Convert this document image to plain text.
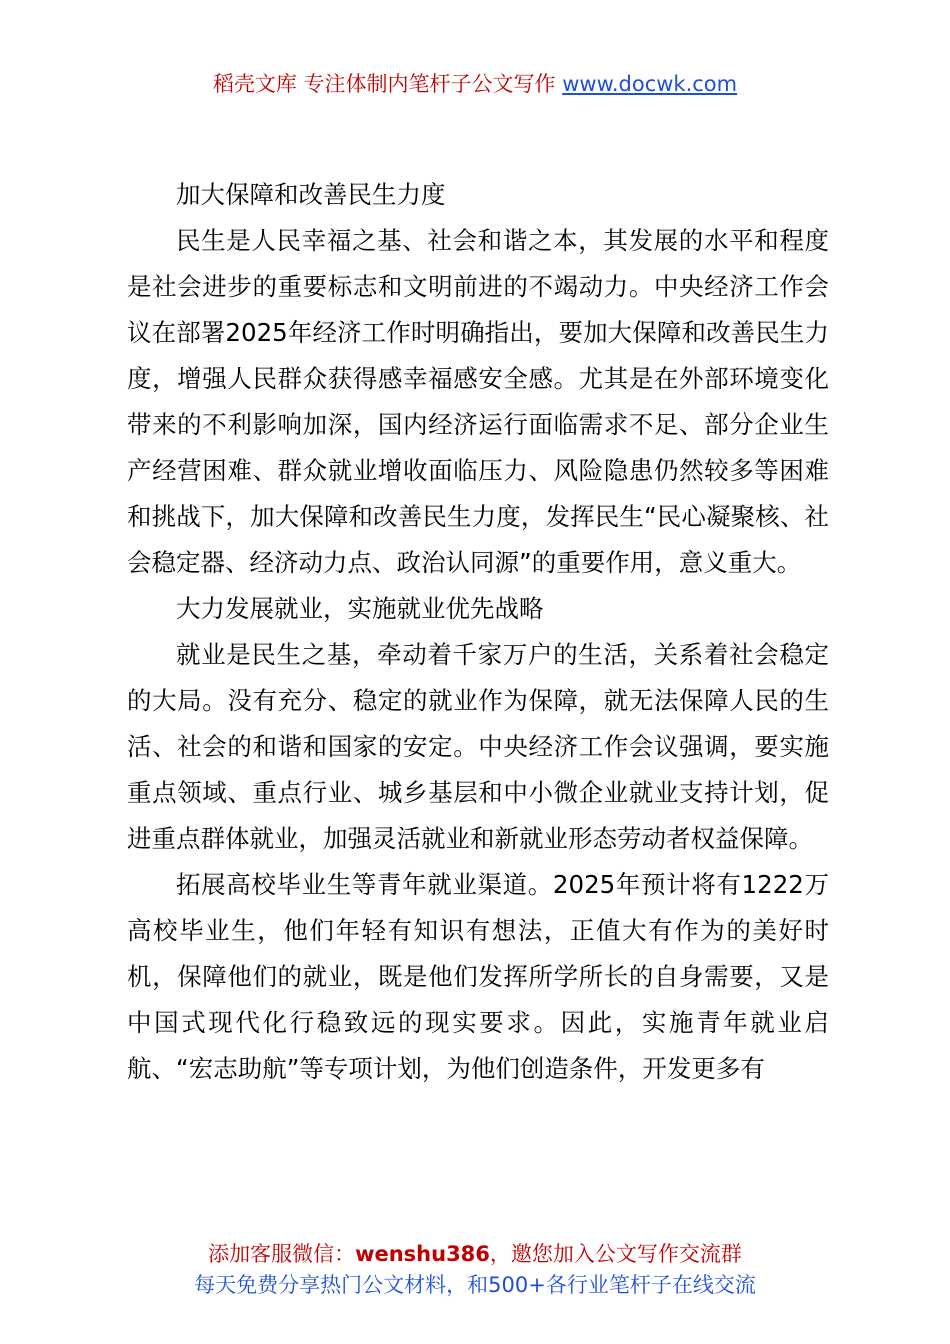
稻壳文库 专注体制内笔杆子公文写作 www.docwk.com

加大保障和改善民生力度

民生是人民幸福之基、社会和谐之本，其发展的水平和程度是社会进步的重要标志和文明前进的不竭动力。中央经济工作会议在部署2025年经济工作时明确指出，要加大保障和改善民生力度，增强人民群众获得感幸福感安全感。尤其是在外部环境变化带来的不利影响加深，国内经济运行面临需求不足、部分企业生产经营困难、群众就业增收面临压力、风险隐患仍然较多等困难和挑战下，加大保障和改善民生力度，发挥民生“民心凝聚核、社会稳定器、经济动力点、政治认同源”的重要作用，意义重大。

大力发展就业，实施就业优先战略

就业是民生之基，牵动着千家万户的生活，关系着社会稳定的大局。没有充分、稳定的就业作为保障，就无法保障人民的生活、社会的和谐和国家的安定。中央经济工作会议强调，要实施重点领域、重点行业、城乡基层和中小微企业就业支持计划，促进重点群体就业，加强灵活就业和新就业形态劳动者权益保障。

拓展高校毕业生等青年就业渠道。2025年预计将有1222万高校毕业生，他们年轻有知识有想法，正值大有作为的美好时机，保障他们的就业，既是他们发挥所学所长的自身需要，又是中国式现代化行稳致远的现实要求。因此，实施青年就业启航、“宏志助航”等专项计划，为他们创造条件，开发更多有

添加客服微信：wenshu386，邀您加入公文写作交流群
每天免费分享热门公文材料，和500+各行业笔杆子在线交流
